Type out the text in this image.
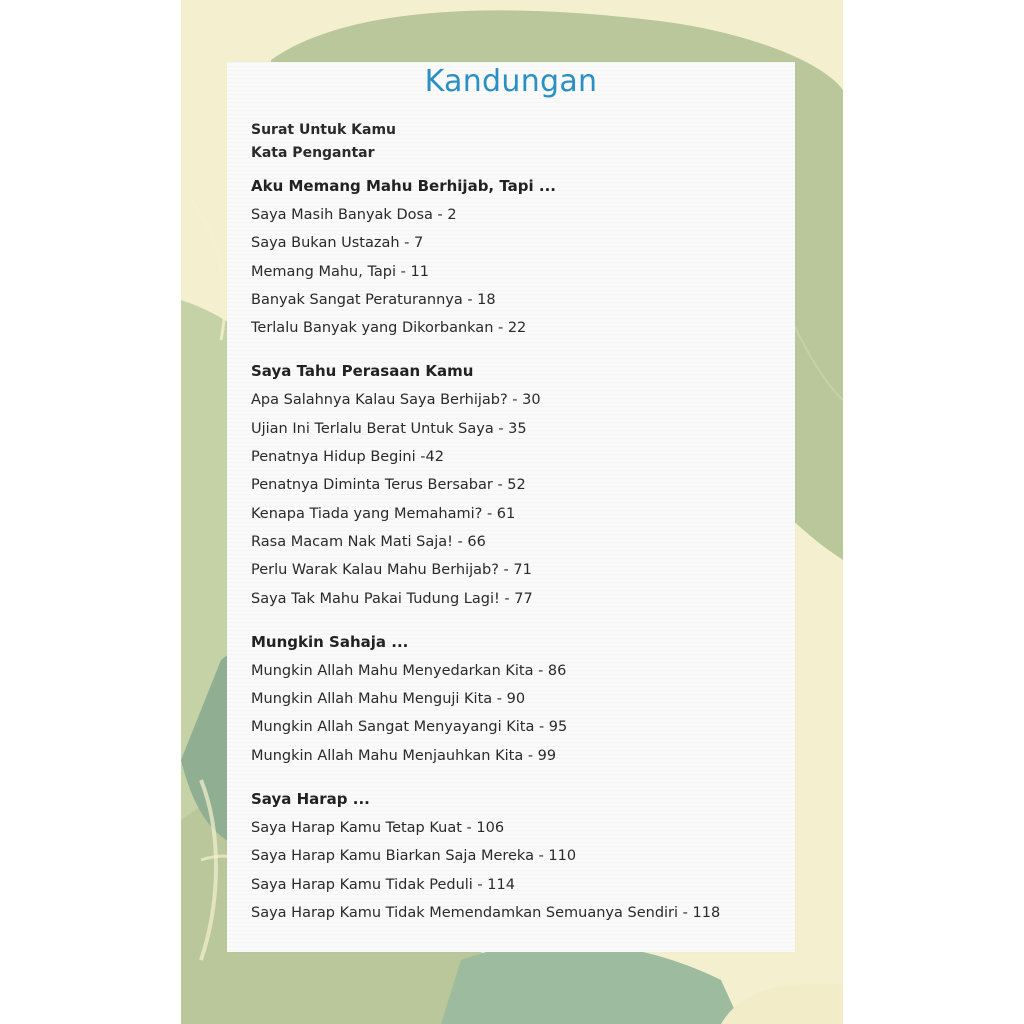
Kandungan
Surat Untuk Kamu
Kata Pengantar
Aku Memang Mahu Berhijab, Tapi ...
Saya Masih Banyak Dosa - 2
Saya Bukan Ustazah - 7
Memang Mahu, Tapi - 11
Banyak Sangat Peraturannya - 18
Terlalu Banyak yang Dikorbankan - 22
Saya Tahu Perasaan Kamu
Apa Salahnya Kalau Saya Berhijab? - 30
Ujian Ini Terlalu Berat Untuk Saya - 35
Penatnya Hidup Begini -42
Penatnya Diminta Terus Bersabar - 52
Kenapa Tiada yang Memahami? - 61
Rasa Macam Nak Mati Saja! - 66
Perlu Warak Kalau Mahu Berhijab? - 71
Saya Tak Mahu Pakai Tudung Lagi! - 77
Mungkin Sahaja ...
Mungkin Allah Mahu Menyedarkan Kita - 86
Mungkin Allah Mahu Menguji Kita - 90
Mungkin Allah Sangat Menyayangi Kita - 95
Mungkin Allah Mahu Menjauhkan Kita - 99
Saya Harap ...
Saya Harap Kamu Tetap Kuat - 106
Saya Harap Kamu Biarkan Saja Mereka - 110
Saya Harap Kamu Tidak Peduli - 114
Saya Harap Kamu Tidak Memendamkan Semuanya Sendiri - 118
